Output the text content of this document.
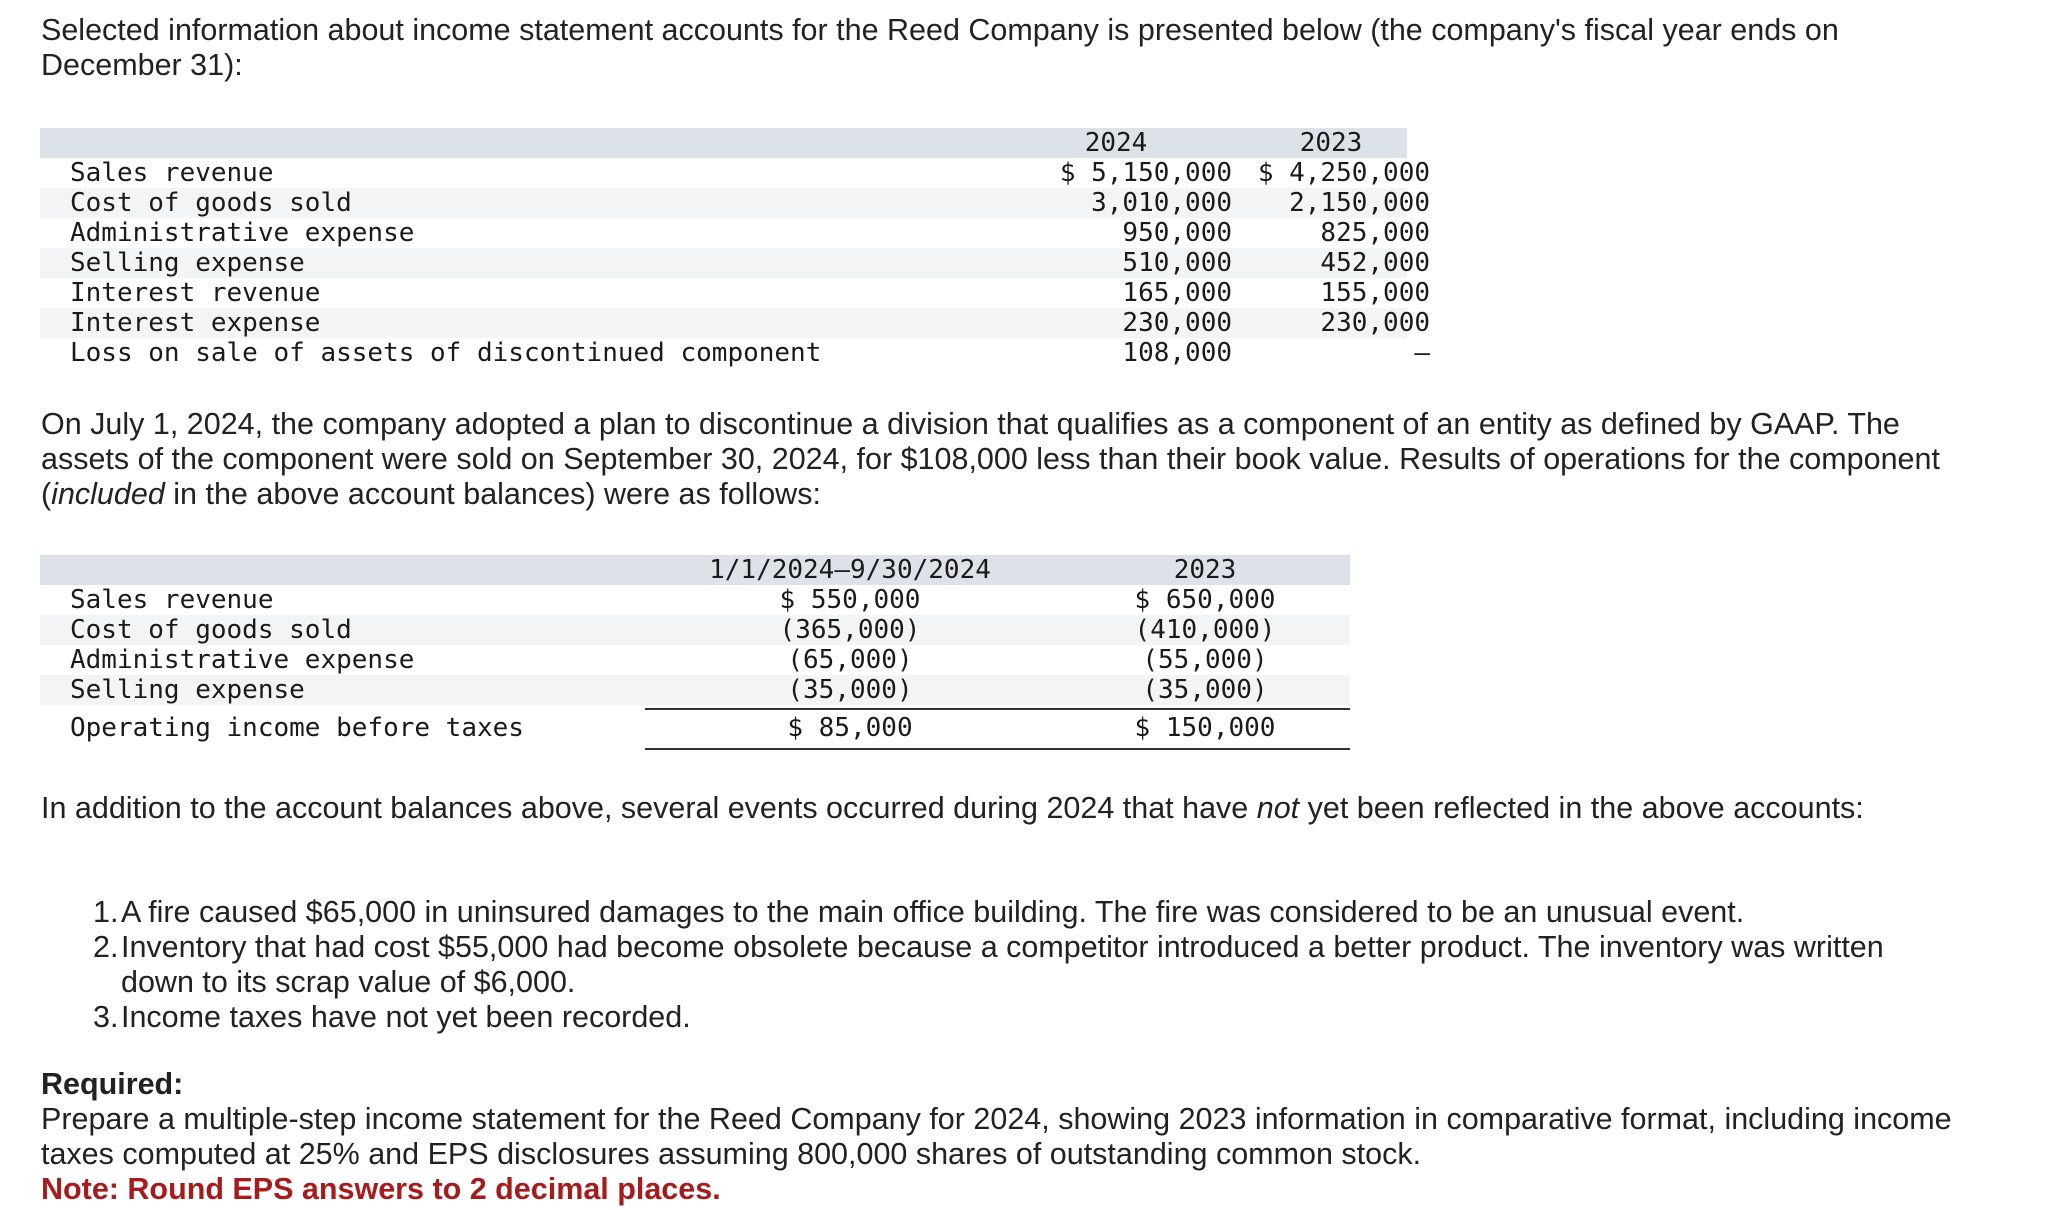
Selected information about income statement accounts for the Reed Company is presented below (the company's fiscal year ends on December 31):

2024	2023
Sales revenue	$ 5,150,000 $ 4,250,000
Cost of goods sold	3,010,000	2,150,000
Administrative expense	950,000	825,000
Selling expense	510,000	452,000
Interest revenue	165,000	155,000
Interest expense	230,000	230,000
Loss on sale of assets of discontinued component	108,000	–

On July 1, 2024, the company adopted a plan to discontinue a division that qualifies as a component of an entity as defined by GAAP. The assets of the component were sold on September 30, 2024, for $108,000 less than their book value. Results of operations for the component (included in the above account balances) were as follows:

1/1/2024–9/30/2024	2023
Sales revenue	$ 550,000	$ 650,000
Cost of goods sold	(365,000)	(410,000)
Administrative expense	(65,000)	(55,000)
Selling expense	(35,000)	(35,000)
Operating income before taxes	$ 85,000	$ 150,000

In addition to the account balances above, several events occurred during 2024 that have not yet been reflected in the above accounts:

1. A fire caused $65,000 in uninsured damages to the main office building. The fire was considered to be an unusual event.
2. Inventory that had cost $55,000 had become obsolete because a competitor introduced a better product. The inventory was written down to its scrap value of $6,000.
3. Income taxes have not yet been recorded.
Required:
Prepare a multiple-step income statement for the Reed Company for 2024, showing 2023 information in comparative format, including income taxes computed at 25% and EPS disclosures assuming 800,000 shares of outstanding common stock.
Note: Round EPS answers to 2 decimal places.
